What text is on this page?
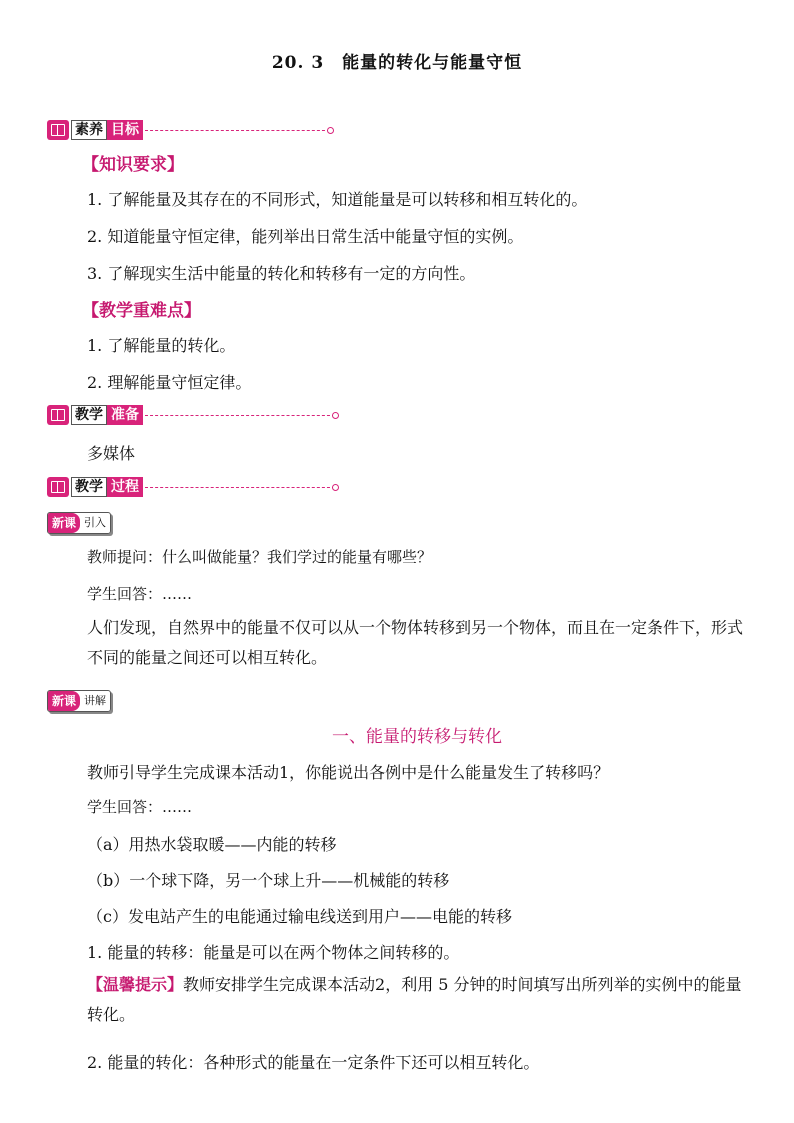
20. 3　能量的转化与能量守恒
素养 目标
【知识要求】
1. 了解能量及其存在的不同形式，知道能量是可以转移和相互转化的。
2. 知道能量守恒定律，能列举出日常生活中能量守恒的实例。
3. 了解现实生活中能量的转化和转移有一定的方向性。
【教学重难点】
1. 了解能量的转化。
2. 理解能量守恒定律。
教学 准备
多媒体
教学 过程
新课 引入
教师提问：什么叫做能量？我们学过的能量有哪些？
学生回答：……
人们发现，自然界中的能量不仅可以从一个物体转移到另一个物体，而且在一定条件下，形式不同的能量之间还可以相互转化。
新课 讲解
一、能量的转移与转化
教师引导学生完成课本活动1，你能说出各例中是什么能量发生了转移吗？
学生回答：……
（a）用热水袋取暖——内能的转移
（b）一个球下降，另一个球上升——机械能的转移
（c）发电站产生的电能通过输电线送到用户——电能的转移
1. 能量的转移：能量是可以在两个物体之间转移的。
【温馨提示】教师安排学生完成课本活动2，利用 5 分钟的时间填写出所列举的实例中的能量转化。
2. 能量的转化：各种形式的能量在一定条件下还可以相互转化。
